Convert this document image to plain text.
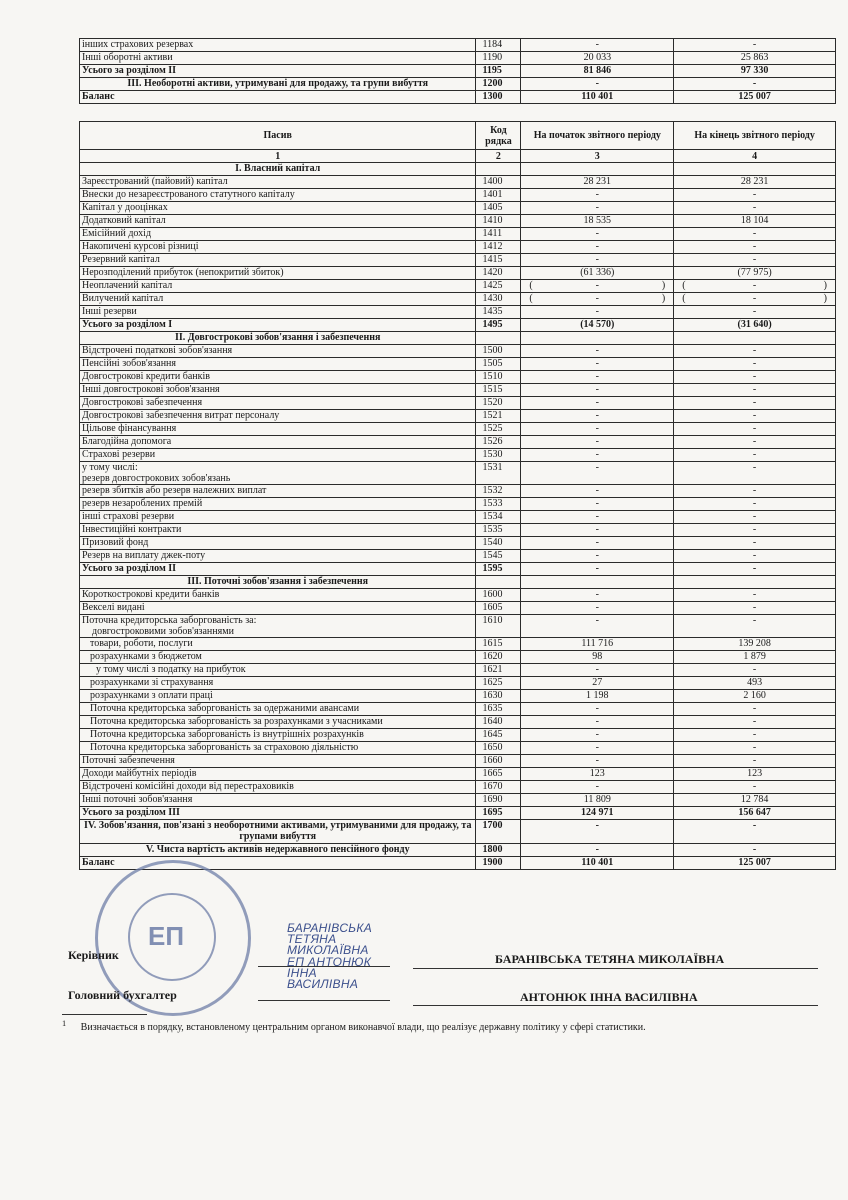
інших страхових резервах	1184	-	-
Інші оборотні активи	1190	20 033	25 863
Усього за розділом II	1195	81 846	97 330
III. Необоротні активи, утримувані для продажу, та групи вибуття	1200	-	-
Баланс	1300	110 401	125 007
Пасив	Код рядка	На початок звітного періоду	На кінець звітного періоду
1	2	3	4
I. Власний капітал			
Зареєстрований (пайовий) капітал	1400	28 231	28 231
Внески до незареєстрованого статутного капіталу	1401	-	-
Капітал у дооцінках	1405	-	-
Додатковий капітал	1410	18 535	18 104
Емісійний дохід	1411	-	-
Накопичені курсові різниці	1412	-	-
Резервний капітал	1415	-	-
Нерозподілений прибуток (непокритий збиток)	1420	(61 336)	(77 975)
Неоплачений капітал	1425	( - )	( - )

Вилучений капітал	1430	( - )	( - )

Інші резерви	1435	-	-
Усього за розділом I	1495	(14 570)	(31 640)
II. Довгострокові зобов'язання і забезпечення			
Відстрочені податкові зобов'язання	1500	-	-
Пенсійні зобов'язання	1505	-	-
Довгострокові кредити банків	1510	-	-
Інші довгострокові зобов'язання	1515	-	-
Довгострокові забезпечення	1520	-	-
Довгострокові забезпечення витрат персоналу	1521	-	-
Цільове фінансування	1525	-	-
Благодійна допомога	1526	-	-
Страхові резерви	1530	-	-

у тому числі:
резерв довгострокових зобов'язань	1531	-	-
резерв збитків або резерв належних виплат	1532	-	-
резерв незароблених премій	1533	-	-
інші страхові резерви	1534	-	-
Інвестиційні контракти	1535	-	-
Призовий фонд	1540	-	-
Резерв на виплату джек-поту	1545	-	-
Усього за розділом II	1595	-	-
III. Поточні зобов'язання і забезпечення			
Короткострокові кредити банків	1600	-	-
Векселі видані	1605	-	-

Поточна кредиторська заборгованість за:
довгостроковими зобов'язаннями	1610	-	-
товари, роботи, послуги	1615	111 716	139 208
розрахунками з бюджетом	1620	98	1 879
у тому числі з податку на прибуток	1621	-	-
розрахунками зі страхування	1625	27	493
розрахунками з оплати праці	1630	1 198	2 160
Поточна кредиторська заборгованість за одержаними авансами	1635	-	-
Поточна кредиторська заборгованість за розрахунками з учасниками	1640	-	-
Поточна кредиторська заборгованість із внутрішніх розрахунків	1645	-	-
Поточна кредиторська заборгованість за страховою діяльністю	1650	-	-
Поточні забезпечення	1660	-	-
Доходи майбутніх періодів	1665	123	123
Відстрочені комісійні доходи від перестраховиків	1670	-	-
Інші поточні зобов'язання	1690	11 809	12 784
Усього за розділом III	1695	124 971	156 647
IV. Зобов'язання, пов'язані з необоротними активами, утримуваними для продажу, та групами вибуття	1700	-	-
V. Чиста вартість активів недержавного пенсійного фонду	1800	-	-
Баланс	1900	110 401	125 007
ЕП	БАРАНІВСЬКА
ТЕТЯНА
МИКОЛАЇВНА
ЕП АНТОНЮК
ІННА
ВАСИЛІВНА
Керівник	БАРАНІВСЬКА ТЕТЯНА МИКОЛАЇВНА
Головний бухгалтер	АНТОНЮК ІННА ВАСИЛІВНА
$^1$ Визначається в порядку, встановленому центральним органом виконавчої влади, що реалізує державну політику у сфері статистики.
